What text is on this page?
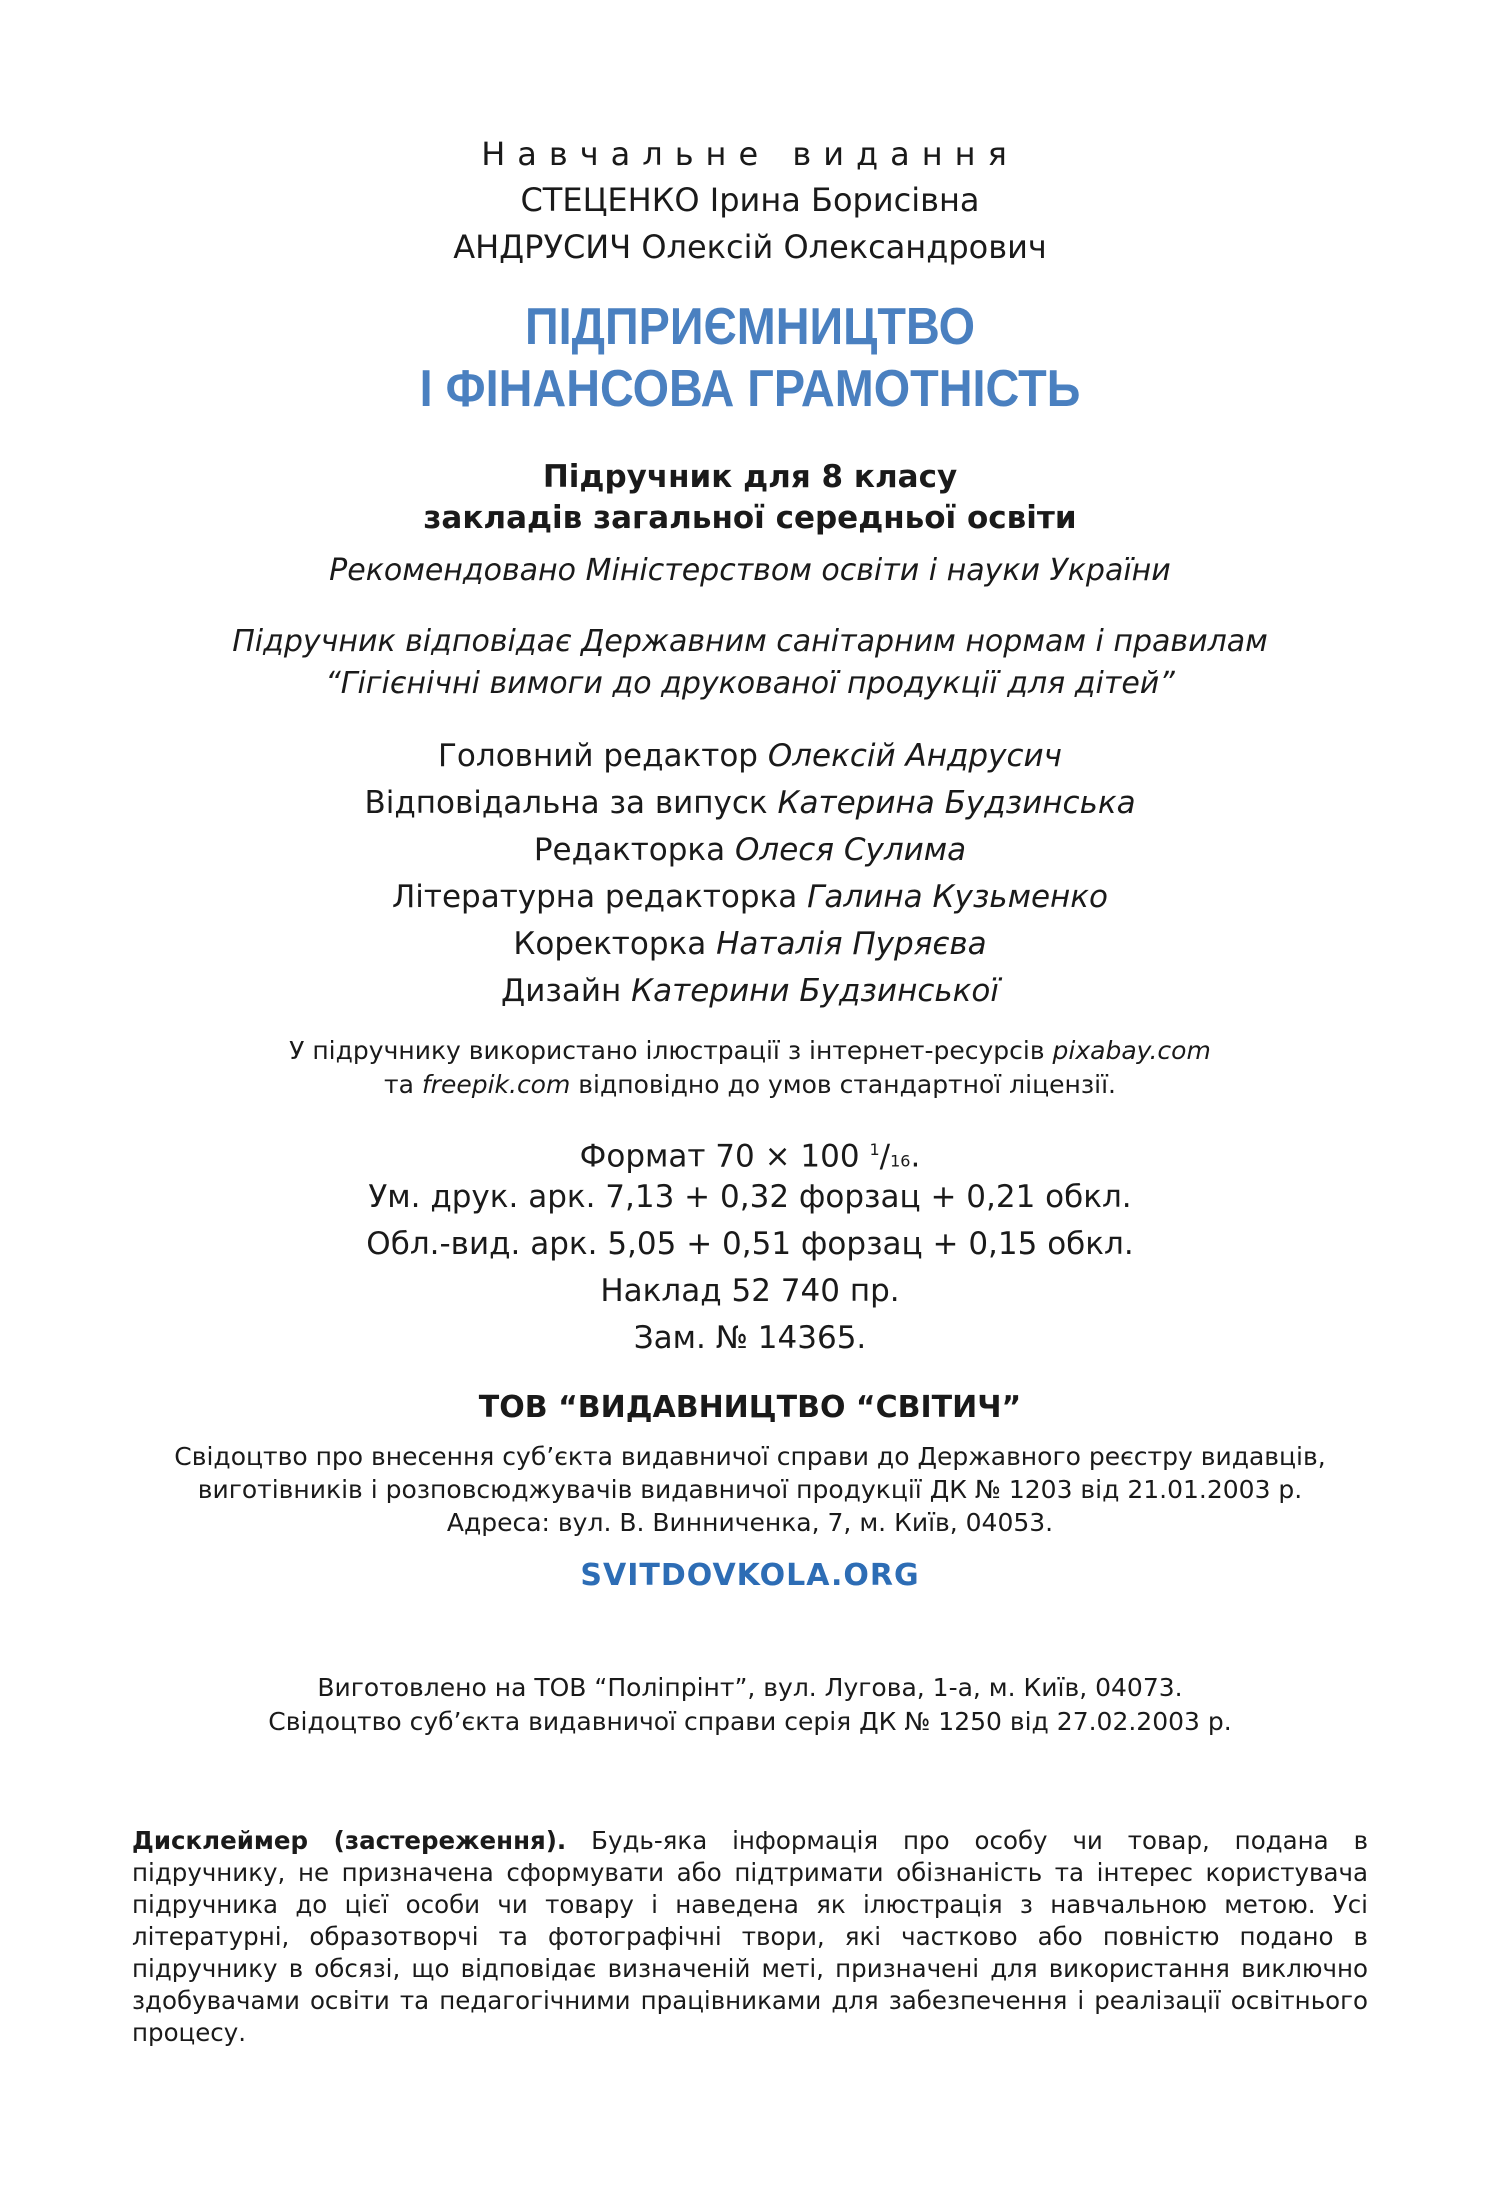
Навчальне видання
СТЕЦЕНКО Ірина Борисівна
АНДРУСИЧ Олексій Олександрович
ПІДПРИЄМНИЦТВО
І ФІНАНСОВА ГРАМОТНІСТЬ
Підручник для 8 класу
закладів загальної середньої освіти
Рекомендовано Міністерством освіти і науки України
Підручник відповідає Державним санітарним нормам і правилам
“Гігієнічні вимоги до друкованої продукції для дітей”
Головний редактор Олексій Андрусич
Відповідальна за випуск Катерина Будзинська
Редакторка Олеся Сулима
Літературна редакторка Галина Кузьменко
Коректорка Наталія Пуряєва
Дизайн Катерини Будзинської
У підручнику використано ілюстрації з інтернет-ресурсів pixabay.com
та freepik.com відповідно до умов стандартної ліцензії.
Формат 70 × 100 $^1$/16.
Ум. друк. арк. 7,13 + 0,32 форзац + 0,21 обкл.
Обл.-вид. арк. 5,05 + 0,51 форзац + 0,15 обкл.
Наклад 52 740 пр.
Зам. № 14365.
ТОВ “ВИДАВНИЦТВО “СВІТИЧ”
Свідоцтво про внесення суб’єкта видавничої справи до Державного реєстру видавців,
виготівників і розповсюджувачів видавничої продукції ДК № 1203 від 21.01.2003 р.
Адреса: вул. В. Винниченка, 7, м. Київ, 04053.
SVITDOVKOLA.ORG
Виготовлено на ТОВ “Поліпрінт”, вул. Лугова, 1-а, м. Київ, 04073.
Свідоцтво суб’єкта видавничої справи серія ДК № 1250 від 27.02.2003 р.
Дисклеймер (застереження). Будь-яка інформація про особу чи товар, подана в підручнику, не призначена сформувати або підтримати обізнаність та інтерес користувача підручника до цієї особи чи товару і наведена як ілюстрація з навчальною метою. Усі літературні, образотворчі та фотографічні твори, які частково або повністю подано в підручнику в обсязі, що відповідає визначеній меті, призначені для використання виключно здобувачами освіти та педагогічними працівниками для забезпечення і реалізації освітнього процесу.
